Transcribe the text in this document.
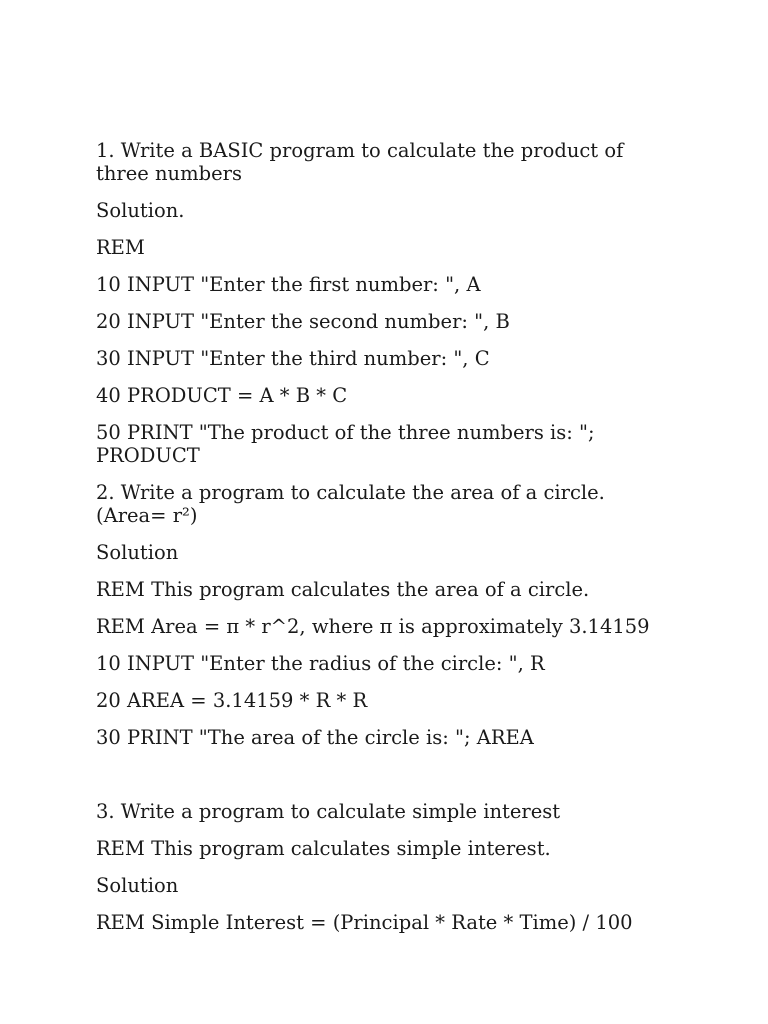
1. Write a BASIC program to calculate the product of three numbers

Solution.

REM

10 INPUT "Enter the first number: ", A

20 INPUT "Enter the second number: ", B

30 INPUT "Enter the third number: ", C

40 PRODUCT = A * B * C

50 PRINT "The product of the three numbers is: "; PRODUCT

2. Write a program to calculate the area of a circle. (Area= r²)

Solution

REM This program calculates the area of a circle.

REM Area = π * r^2, where π is approximately 3.14159

10 INPUT "Enter the radius of the circle: ", R

20 AREA = 3.14159 * R * R

30 PRINT "The area of the circle is: "; AREA

3. Write a program to calculate simple interest

REM This program calculates simple interest.

Solution

REM Simple Interest = (Principal * Rate * Time) / 100
